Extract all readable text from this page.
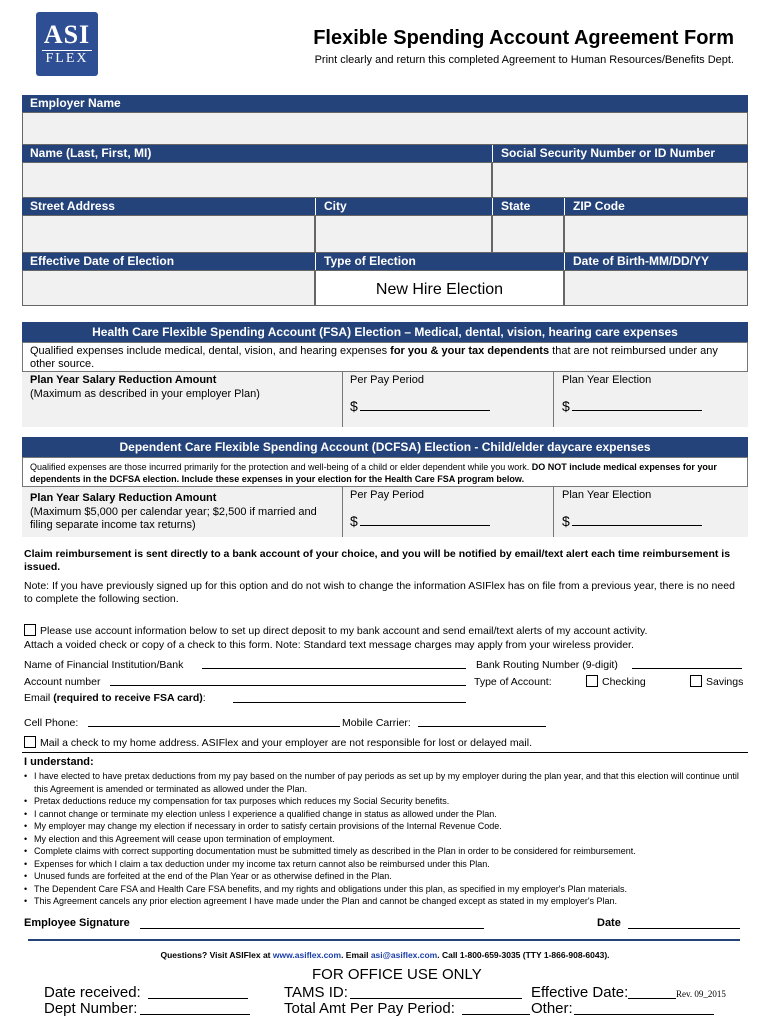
ASI
FLEX
Flexible Spending Account Agreement Form
Print clearly and return this completed Agreement to Human Resources/Benefits Dept.
Employer Name
Name (Last, First, MI)	Social Security Number or ID Number
Street Address	City	State	ZIP Code
Effective Date of Election	Type of Election	Date of Birth-MM/DD/YY
New Hire Election
Health Care Flexible Spending Account (FSA) Election – Medical, dental, vision, hearing care expenses
Qualified expenses include medical, dental, vision, and hearing expenses for you & your tax dependents that are not reimbursed under any other source.
Plan Year Salary Reduction Amount
(Maximum as described in your employer Plan)
Per Pay Period	Plan Year Election
$	$
Dependent Care Flexible Spending Account (DCFSA) Election - Child/elder daycare expenses
Qualified expenses are those incurred primarily for the protection and well-being of a child or elder dependent while you work. DO NOT include medical expenses for your dependents in the DCFSA election. Include these expenses in your election for the Health Care FSA program below.
Plan Year Salary Reduction Amount
(Maximum $5,000 per calendar year; $2,500 if married and filing separate income tax returns)
Per Pay Period	Plan Year Election
$	$
Claim reimbursement is sent directly to a bank account of your choice, and you will be notified by email/text alert each time reimbursement is issued.
Note: If you have previously signed up for this option and do not wish to change the information ASIFlex has on file from a previous year, there is no need to complete the following section.
Please use account information below to set up direct deposit to my bank account and send email/text alerts of my account activity.
Attach a voided check or copy of a check to this form. Note: Standard text message charges may apply from your wireless provider.
Name of Financial Institution/Bank	Bank Routing Number (9-digit)
Account number	Type of Account:	Checking	Savings
Email (required to receive FSA card):
Cell Phone:	Mobile Carrier:
Mail a check to my home address. ASIFlex and your employer are not responsible for lost or delayed mail.
I understand:
• I have elected to have pretax deductions from my pay based on the number of pay periods as set up by my employer during the plan year, and that this election will continue until this Agreement is amended or terminated as allowed under the Plan.
• Pretax deductions reduce my compensation for tax purposes which reduces my Social Security benefits.
• I cannot change or terminate my election unless I experience a qualified change in status as allowed under the Plan.
• My employer may change my election if necessary in order to satisfy certain provisions of the Internal Revenue Code.
• My election and this Agreement will cease upon termination of employment.
• Complete claims with correct supporting documentation must be submitted timely as described in the Plan in order to be considered for reimbursement.
• Expenses for which I claim a tax deduction under my income tax return cannot also be reimbursed under this Plan.
• Unused funds are forfeited at the end of the Plan Year or as otherwise defined in the Plan.
• The Dependent Care FSA and Health Care FSA benefits, and my rights and obligations under this plan, as specified in my employer's Plan materials.
• This Agreement cancels any prior election agreement I have made under the Plan and cannot be changed except as stated in my employer's Plan.
Employee Signature	Date
Questions? Visit ASIFlex at www.asiflex.com. Email asi@asiflex.com. Call 1-800-659-3035 (TTY 1-866-908-6043).
FOR OFFICE USE ONLY
Date received:
Dept Number:
TAMS ID:
Total Amt Per Pay Period:
Effective Date:	Rev. 09_2015
Other:
